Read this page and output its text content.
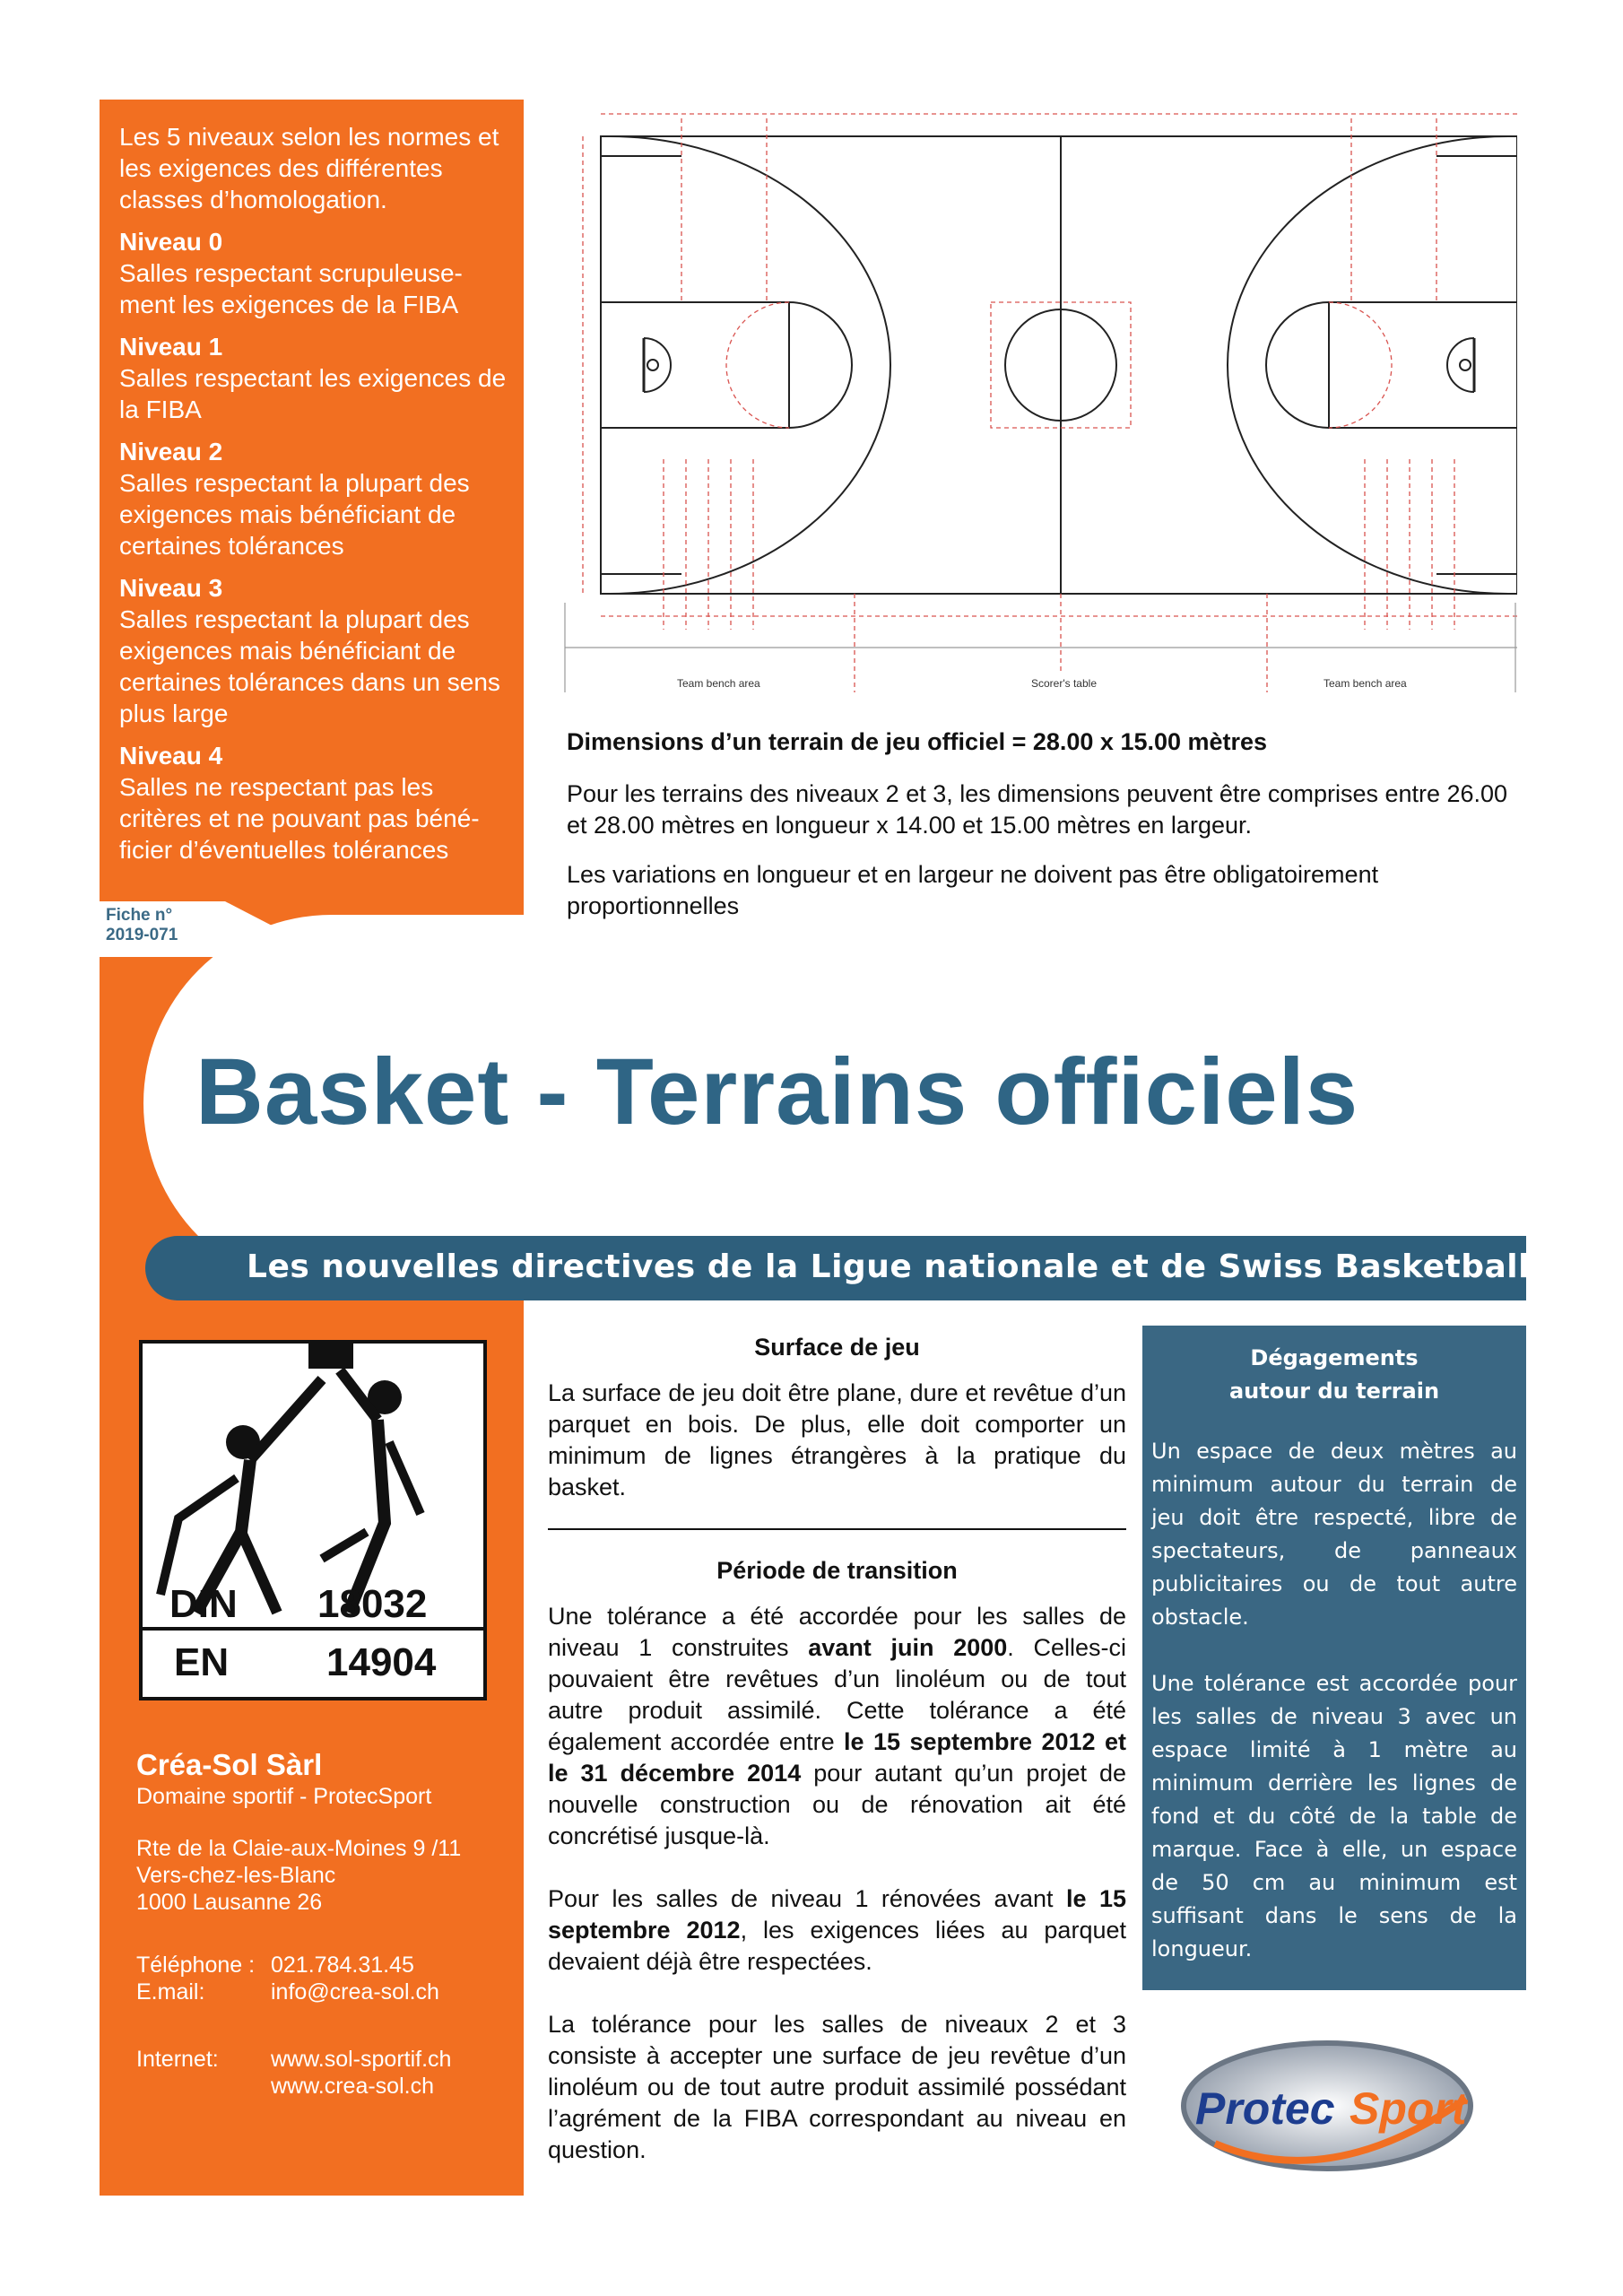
Les 5 niveaux selon les normes et les exigences des différentes classes d’homologation.

Niveau 0
Salles respectant scrupuleuse-ment les exigences de la FIBA

Niveau 1
Salles respectant les exigences de la FIBA

Niveau 2
Salles respectant la plupart des exigences mais bénéficiant de certaines tolérances

Niveau 3
Salles respectant la plupart des exigences mais bénéficiant de certaines tolérances dans un sens plus large

Niveau 4
Salles ne respectant pas les critères et ne pouvant pas béné-ficier d’éventuelles tolérances

Fiche n°
2019-071
Team bench area	Scorer's table	Team bench area
Dimensions d’un terrain de jeu officiel = 28.00 x 15.00 mètres
Pour les terrains des niveaux 2 et 3, les dimensions peuvent être comprises entre 26.00 et 28.00 mètres en longueur x 14.00 et 15.00 mètres en largeur.
Les variations en longueur et en largeur ne doivent pas être obligatoirement proportionnelles
Basket - Terrains officiels
Les nouvelles directives de la Ligue nationale et de Swiss Basketball
DIN 18032
EN 14904
Créa-Sol Sàrl
Domaine sportif - ProtecSport
Rte de la Claie-aux-Moines 9 /11
Vers-chez-les-Blanc
1000 Lausanne 26
Téléphone : 021.784.31.45
E.mail:	info@crea-sol.ch
Internet:	www.sol-sportif.ch
www.crea-sol.ch
Surface de jeu

La surface de jeu doit être plane, dure et revêtue d’un parquet en bois. De plus, elle doit comporter un minimum de lignes étrangères à la pratique du basket.

Période de transition

Une tolérance a été accordée pour les salles de niveau 1 construites avant juin 2000. Celles-ci pouvaient être revêtues d’un linoléum ou de tout autre produit assimilé. Cette tolérance a été également accordée entre le 15 septembre 2012 et le 31 décembre 2014 pour autant qu’un projet de nouvelle construction ou de rénovation ait été concrétisé jusque-là.

Pour les salles de niveau 1 rénovées avant le 15 septembre 2012, les exigences liées au parquet devaient déjà être respectées.

La tolérance pour les salles de niveaux 2 et 3 consiste à accepter une surface de jeu revêtue d’un linoléum ou de tout autre produit assimilé possédant l’agrément de la FIBA correspondant au niveau en question.

Dégagements
autour du terrain

Un espace de deux mètres au minimum autour du terrain de jeu doit être respecté, libre de spectateurs, de panneaux publicitaires ou de tout autre obstacle.

Une tolérance est accordée pour les salles de niveau 3 avec un espace limité à 1 mètre au minimum derrière les lignes de fond et du côté de la table de marque. Face à elle, un espace de 50 cm au minimum est suffisant dans le sens de la longueur.

Protec Sport
